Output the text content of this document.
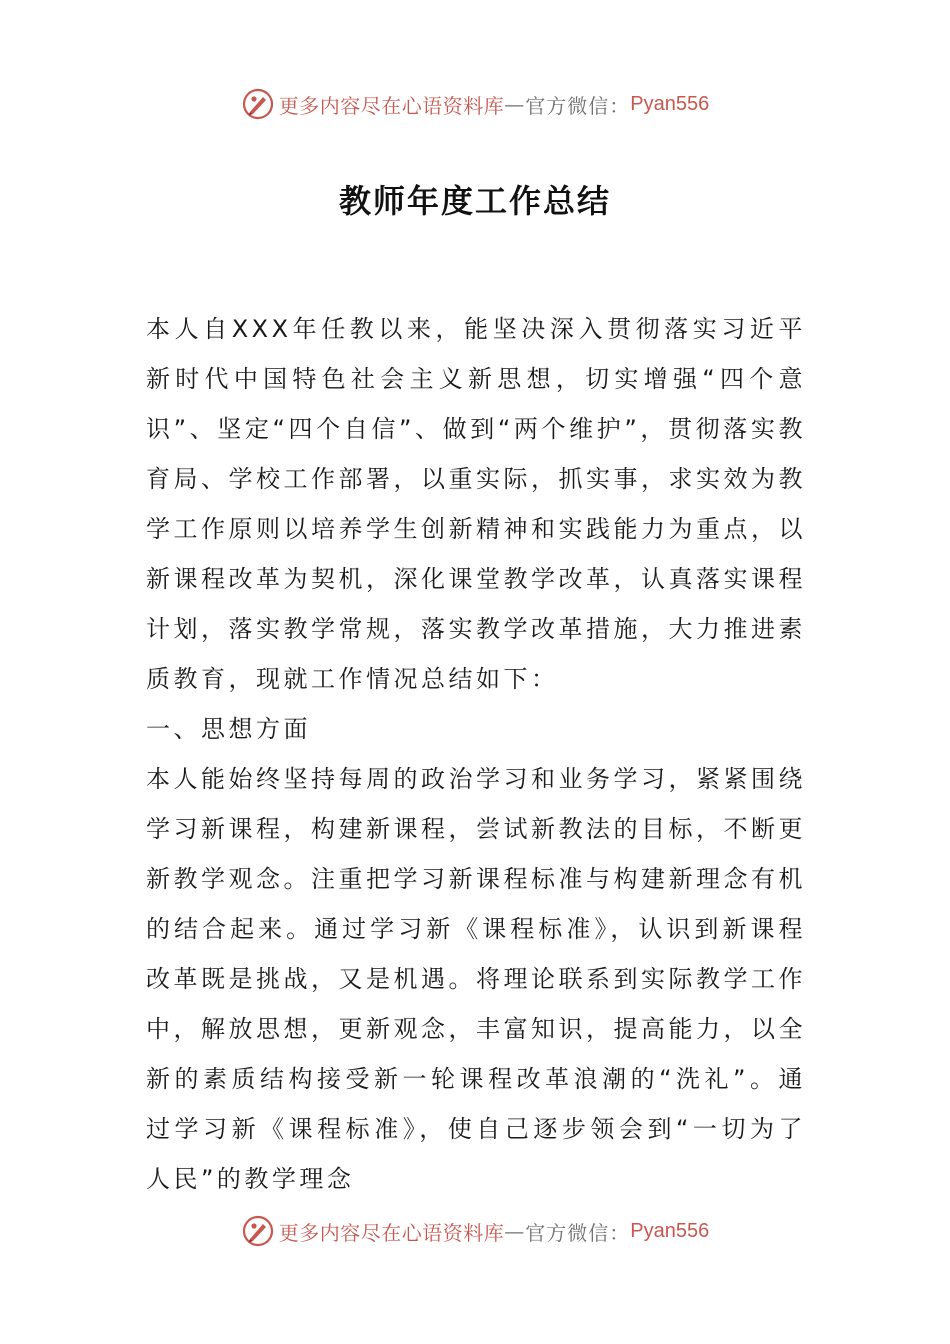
更多内容尽在心语资料库 — 官方微信： Pyan556
教师年度工作总结

本人自XXX年任教以来，能坚决深入贯彻落实习近平新时代中国特色社会主义新思想，切实增强“四个意识”、坚定“四个自信”、做到“两个维护”，贯彻落实教育局、学校工作部署，以重实际，抓实事，求实效为教学工作原则以培养学生创新精神和实践能力为重点，以新课程改革为契机，深化课堂教学改革，认真落实课程计划，落实教学常规，落实教学改革措施，大力推进素质教育，现就工作情况总结如下：

一、思想方面

本人能始终坚持每周的政治学习和业务学习，紧紧围绕学习新课程，构建新课程，尝试新教法的目标，不断更新教学观念。注重把学习新课程标准与构建新理念有机的结合起来。通过学习新《课程标准》，认识到新课程改革既是挑战，又是机遇。将理论联系到实际教学工作中，解放思想，更新观念，丰富知识，提高能力，以全新的素质结构接受新一轮课程改革浪潮的“洗礼”。通过学习新《课程标准》，使自己逐步领会到“一切为了人民”的教学理念

更多内容尽在心语资料库 — 官方微信： Pyan556
